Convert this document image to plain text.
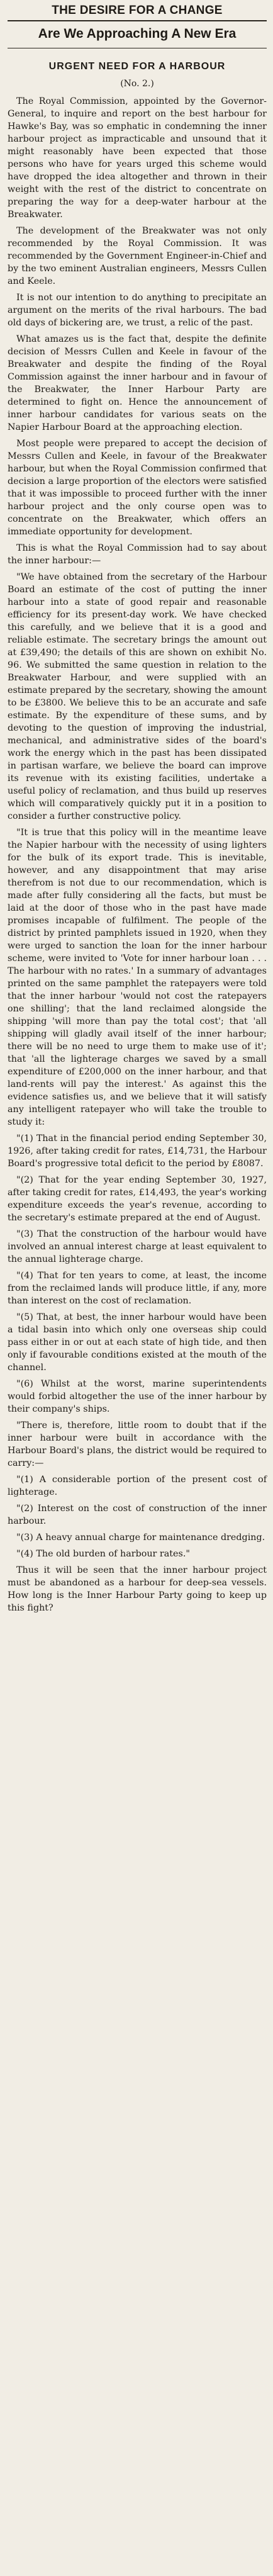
THE DESIRE FOR A CHANGE
Are We Approaching A New Era
URGENT NEED FOR A HARBOUR
(No. 2.)

The Royal Commission, appointed by the Governor-General, to inquire and report on the best harbour for Hawke's Bay, was so emphatic in condemning the inner harbour project as impracticable and unsound that it might reasonably have been expected that those persons who have for years urged this scheme would have dropped the idea altogether and thrown in their weight with the rest of the district to concentrate on preparing the way for a deep-water harbour at the Breakwater.

The development of the Breakwater was not only recommended by the Royal Commission. It was recommended by the Government Engineer-in-Chief and by the two eminent Australian engineers, Messrs Cullen and Keele.

It is not our intention to do anything to precipitate an argument on the merits of the rival harbours. The bad old days of bickering are, we trust, a relic of the past.

What amazes us is the fact that, despite the definite decision of Messrs Cullen and Keele in favour of the Breakwater and despite the finding of the Royal Commission against the inner harbour and in favour of the Breakwater, the Inner Harbour Party are determined to fight on. Hence the announcement of inner harbour candidates for various seats on the Napier Harbour Board at the approaching election.

Most people were prepared to accept the decision of Messrs Cullen and Keele, in favour of the Breakwater harbour, but when the Royal Commission confirmed that decision a large proportion of the electors were satisfied that it was impossible to proceed further with the inner harbour project and the only course open was to concentrate on the Breakwater, which offers an immediate opportunity for development.

This is what the Royal Commission had to say about the inner harbour:—

"We have obtained from the secretary of the Harbour Board an estimate of the cost of putting the inner harbour into a state of good repair and reasonable efficiency for its present-day work. We have checked this carefully, and we believe that it is a good and reliable estimate. The secretary brings the amount out at £39,490; the details of this are shown on exhibit No. 96. We submitted the same question in relation to the Breakwater Harbour, and were supplied with an estimate prepared by the secretary, showing the amount to be £3800. We believe this to be an accurate and safe estimate. By the expenditure of these sums, and by devoting to the question of improving the industrial, mechanical, and administrative sides of the board's work the energy which in the past has been dissipated in partisan warfare, we believe the board can improve its revenue with its existing facilities, undertake a useful policy of reclamation, and thus build up reserves which will comparatively quickly put it in a position to consider a further constructive policy.

"It is true that this policy will in the meantime leave the Napier harbour with the necessity of using lighters for the bulk of its export trade. This is inevitable, however, and any disappointment that may arise therefrom is not due to our recommendation, which is made after fully considering all the facts, but must be laid at the door of those who in the past have made promises incapable of fulfilment. The people of the district by printed pamphlets issued in 1920, when they were urged to sanction the loan for the inner harbour scheme, were invited to 'Vote for inner harbour loan . . . The harbour with no rates.' In a summary of advantages printed on the same pamphlet the ratepayers were told that the inner harbour 'would not cost the ratepayers one shilling'; that the land reclaimed alongside the shipping 'will more than pay the total cost'; that 'all shipping will gladly avail itself of the inner harbour; there will be no need to urge them to make use of it'; that 'all the lighterage charges we saved by a small expenditure of £200,000 on the inner harbour, and that land-rents will pay the interest.' As against this the evidence satisfies us, and we believe that it will satisfy any intelligent ratepayer who will take the trouble to study it:

"(1) That in the financial period ending September 30, 1926, after taking credit for rates, £14,731, the Harbour Board's progressive total deficit to the period by £8087.

"(2) That for the year ending September 30, 1927, after taking credit for rates, £14,493, the year's working expenditure exceeds the year's revenue, according to the secretary's estimate prepared at the end of August.

"(3) That the construction of the harbour would have involved an annual interest charge at least equivalent to the annual lighterage charge.

"(4) That for ten years to come, at least, the income from the reclaimed lands will produce little, if any, more than interest on the cost of reclamation.

"(5) That, at best, the inner harbour would have been a tidal basin into which only one overseas ship could pass either in or out at each state of high tide, and then only if favourable conditions existed at the mouth of the channel.

"(6) Whilst at the worst, marine superintendents would forbid altogether the use of the inner harbour by their company's ships.

"There is, therefore, little room to doubt that if the inner harbour were built in accordance with the Harbour Board's plans, the district would be required to carry:—

"(1) A considerable portion of the present cost of lighterage.

"(2) Interest on the cost of construction of the inner harbour.

"(3) A heavy annual charge for maintenance dredging.

"(4) The old burden of harbour rates."

Thus it will be seen that the inner harbour project must be abandoned as a harbour for deep-sea vessels. How long is the Inner Harbour Party going to keep up this fight?
